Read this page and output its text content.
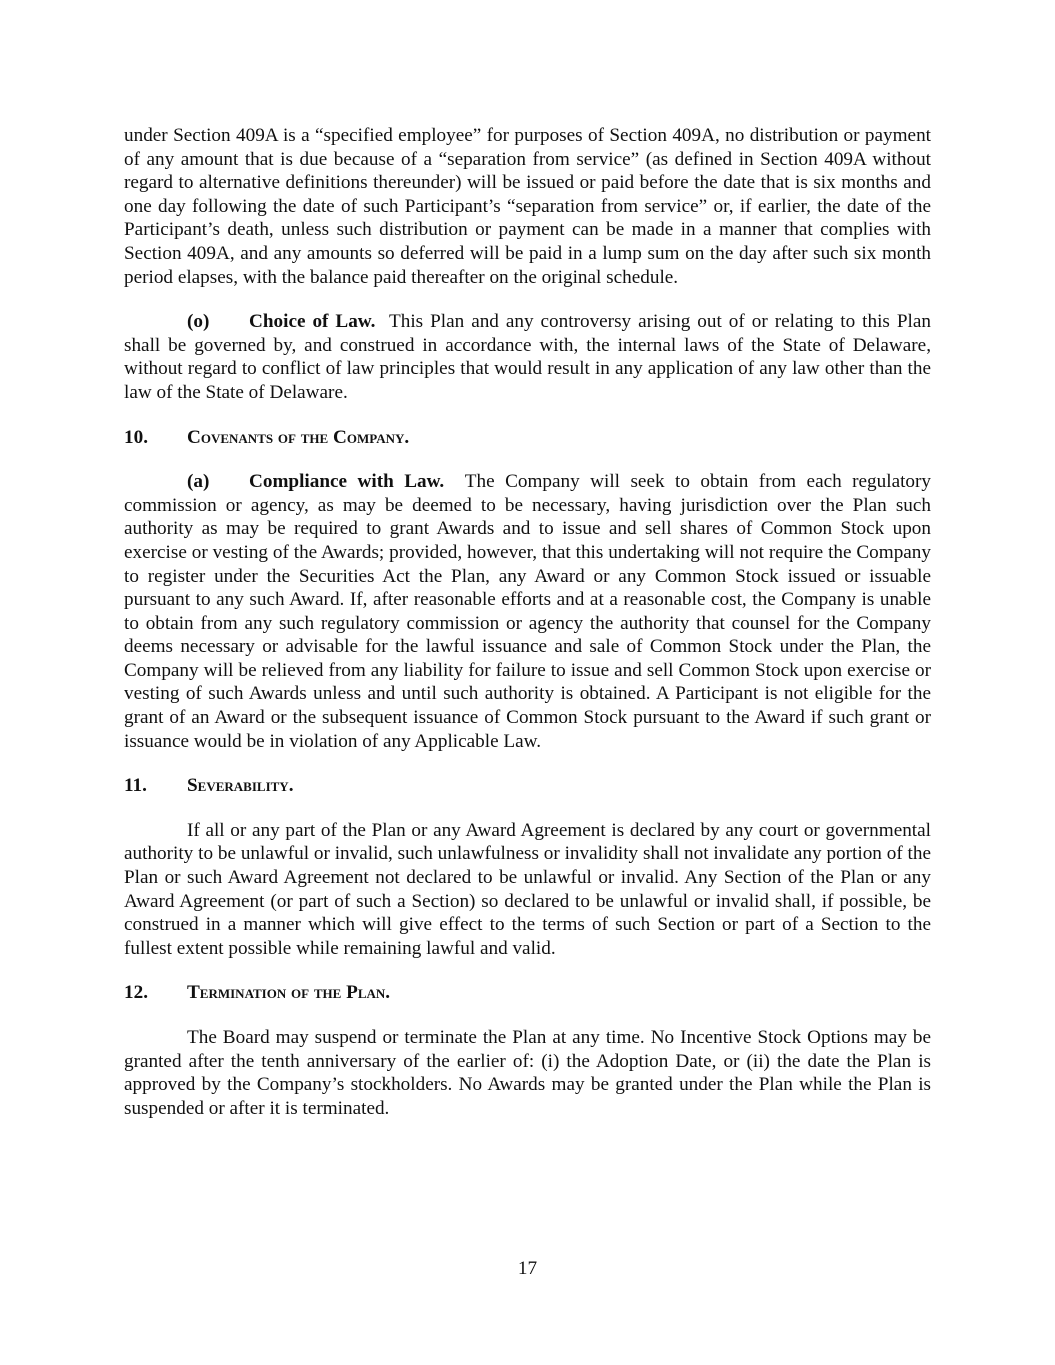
under Section 409A is a “specified employee” for purposes of Section 409A, no distribution or payment of any amount that is due because of a “separation from service” (as defined in Section 409A without regard to alternative definitions thereunder) will be issued or paid before the date that is six months and one day following the date of such Participant’s “separation from service” or, if earlier, the date of the Participant’s death, unless such distribution or payment can be made in a manner that complies with Section 409A, and any amounts so deferred will be paid in a lump sum on the day after such six month period elapses, with the balance paid thereafter on the original schedule.

(o) Choice of Law. This Plan and any controversy arising out of or relating to this Plan shall be governed by, and construed in accordance with, the internal laws of the State of Delaware, without regard to conflict of law principles that would result in any application of any law other than the law of the State of Delaware.

10. Covenants of the Company.

(a) Compliance with Law. The Company will seek to obtain from each regulatory commission or agency, as may be deemed to be necessary, having jurisdiction over the Plan such authority as may be required to grant Awards and to issue and sell shares of Common Stock upon exercise or vesting of the Awards; provided, however, that this undertaking will not require the Company to register under the Securities Act the Plan, any Award or any Common Stock issued or issuable pursuant to any such Award. If, after reasonable efforts and at a reasonable cost, the Company is unable to obtain from any such regulatory commission or agency the authority that counsel for the Company deems necessary or advisable for the lawful issuance and sale of Common Stock under the Plan, the Company will be relieved from any liability for failure to issue and sell Common Stock upon exercise or vesting of such Awards unless and until such authority is obtained. A Participant is not eligible for the grant of an Award or the subsequent issuance of Common Stock pursuant to the Award if such grant or issuance would be in violation of any Applicable Law.

11. Severability.

If all or any part of the Plan or any Award Agreement is declared by any court or governmental authority to be unlawful or invalid, such unlawfulness or invalidity shall not invalidate any portion of the Plan or such Award Agreement not declared to be unlawful or invalid. Any Section of the Plan or any Award Agreement (or part of such a Section) so declared to be unlawful or invalid shall, if possible, be construed in a manner which will give effect to the terms of such Section or part of a Section to the fullest extent possible while remaining lawful and valid.

12. Termination of the Plan.

The Board may suspend or terminate the Plan at any time. No Incentive Stock Options may be granted after the tenth anniversary of the earlier of: (i) the Adoption Date, or (ii) the date the Plan is approved by the Company’s stockholders. No Awards may be granted under the Plan while the Plan is suspended or after it is terminated.

17
